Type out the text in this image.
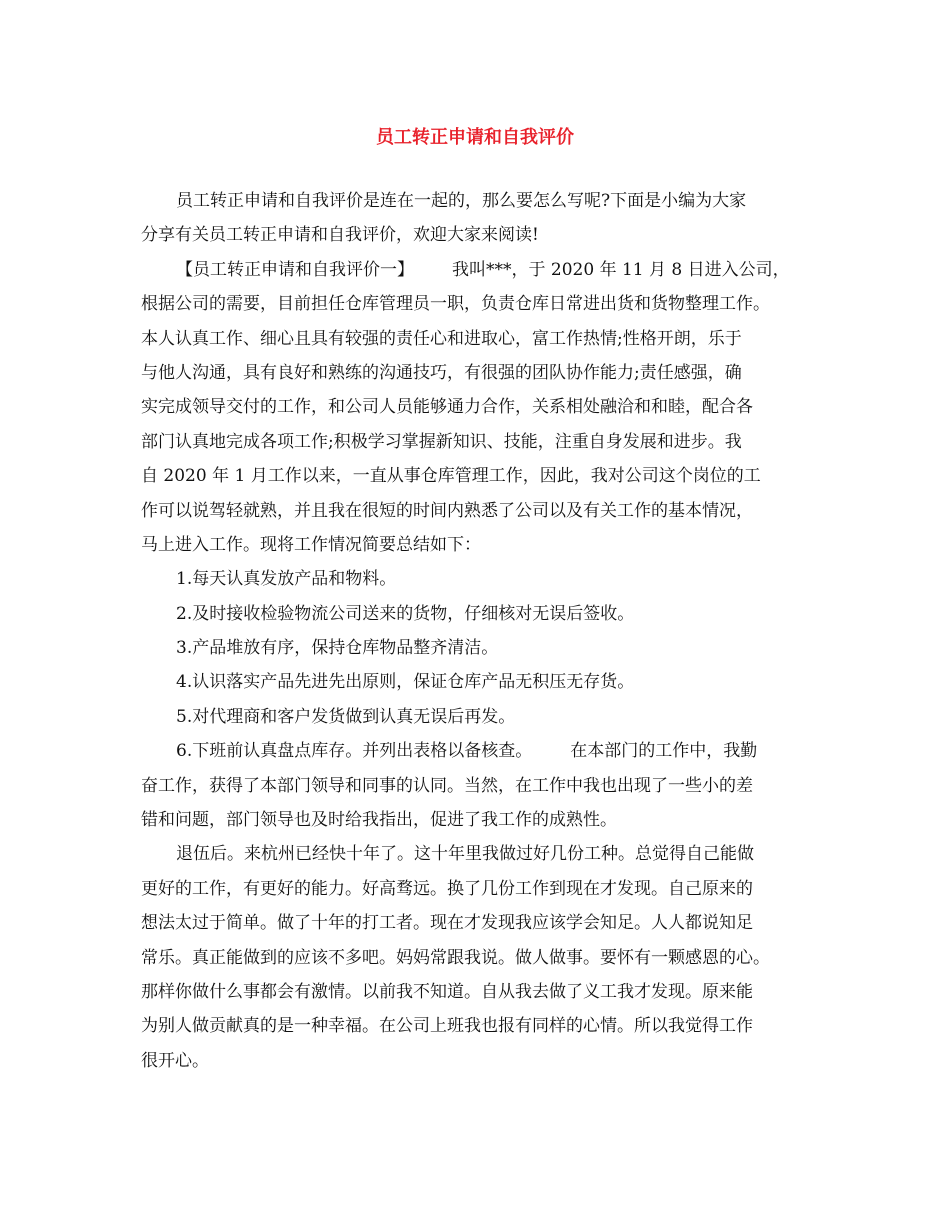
员工转正申请和自我评价
员工转正申请和自我评价是连在一起的，那么要怎么写呢?下面是小编为大家
分享有关员工转正申请和自我评价，欢迎大家来阅读!
【员工转正申请和自我评价一】 我叫***，于 2020 年 11 月 8 日进入公司，
根据公司的需要，目前担任仓库管理员一职，负责仓库日常进出货和货物整理工作。
本人认真工作、细心且具有较强的责任心和进取心，富工作热情;性格开朗，乐于
与他人沟通，具有良好和熟练的沟通技巧，有很强的团队协作能力;责任感强，确
实完成领导交付的工作，和公司人员能够通力合作，关系相处融洽和和睦，配合各
部门认真地完成各项工作;积极学习掌握新知识、技能，注重自身发展和进步。我
自 2020 年 1 月工作以来，一直从事仓库管理工作，因此，我对公司这个岗位的工
作可以说驾轻就熟，并且我在很短的时间内熟悉了公司以及有关工作的基本情况，
马上进入工作。现将工作情况简要总结如下：
1.每天认真发放产品和物料。
2.及时接收检验物流公司送来的货物，仔细核对无误后签收。
3.产品堆放有序，保持仓库物品整齐清洁。
4.认识落实产品先进先出原则，保证仓库产品无积压无存货。
5.对代理商和客户发货做到认真无误后再发。
6.下班前认真盘点库存。并列出表格以备核查。 在本部门的工作中，我勤
奋工作，获得了本部门领导和同事的认同。当然，在工作中我也出现了一些小的差
错和问题，部门领导也及时给我指出，促进了我工作的成熟性。
退伍后。来杭州已经快十年了。这十年里我做过好几份工种。总觉得自己能做
更好的工作，有更好的能力。好高骛远。换了几份工作到现在才发现。自己原来的
想法太过于简单。做了十年的打工者。现在才发现我应该学会知足。人人都说知足
常乐。真正能做到的应该不多吧。妈妈常跟我说。做人做事。要怀有一颗感恩的心。
那样你做什么事都会有激情。以前我不知道。自从我去做了义工我才发现。原来能
为别人做贡献真的是一种幸福。在公司上班我也报有同样的心情。所以我觉得工作
很开心。
